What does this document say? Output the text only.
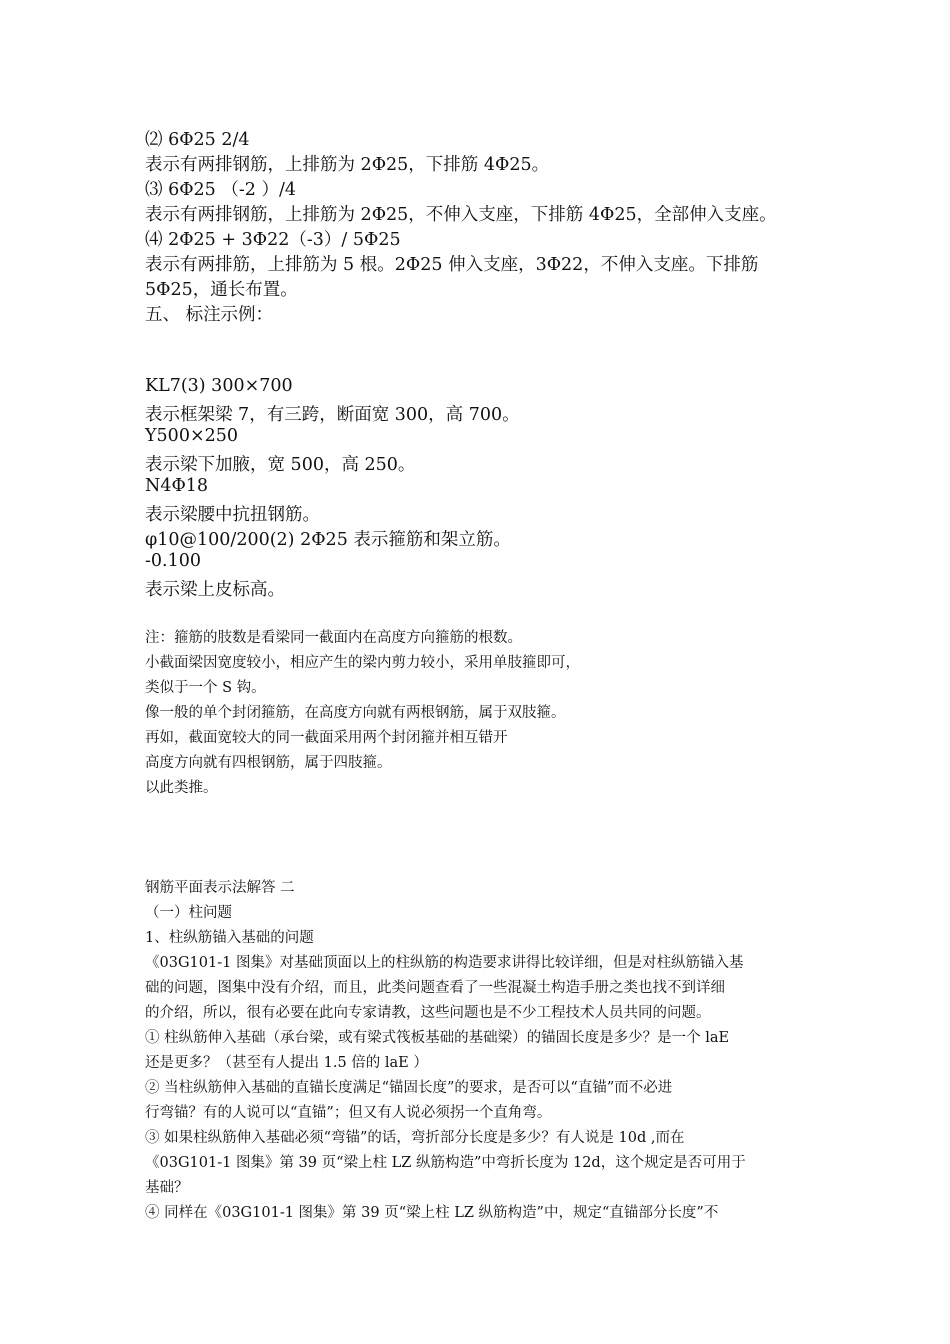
⑵ 6Φ25 2/4
表示有两排钢筋，上排筋为 2Φ25，下排筋 4Φ25。
⑶ 6Φ25 （-2 ）/4
表示有两排钢筋，上排筋为 2Φ25，不伸入支座，下排筋 4Φ25，全部伸入支座。
⑷ 2Φ25 + 3Φ22（-3）/ 5Φ25
表示有两排筋，上排筋为 5 根。2Φ25 伸入支座，3Φ22，不伸入支座。下排筋
5Φ25，通长布置。
五、 标注示例：
KL7(3) 300×700
表示框架梁 7，有三跨，断面宽 300，高 700。
Y500×250
表示梁下加腋，宽 500，高 250。
N4Φ18
表示梁腰中抗扭钢筋。
φ10@100/200(2) 2Φ25 表示箍筋和架立筋。
-0.100
表示梁上皮标高。
注：箍筋的肢数是看梁同一截面内在高度方向箍筋的根数。
小截面梁因宽度较小，相应产生的梁内剪力较小，采用单肢箍即可，
类似于一个 S 钩。
像一般的单个封闭箍筋，在高度方向就有两根钢筋，属于双肢箍。
再如，截面宽较大的同一截面采用两个封闭箍并相互错开
高度方向就有四根钢筋，属于四肢箍。
以此类推。
钢筋平面表示法解答 二
（一）柱问题
1、柱纵筋锚入基础的问题
《03G101-1 图集》对基础顶面以上的柱纵筋的构造要求讲得比较详细，但是对柱纵筋锚入基
础的问题，图集中没有介绍，而且，此类问题查看了一些混凝土构造手册之类也找不到详细
的介绍，所以，很有必要在此向专家请教，这些问题也是不少工程技术人员共同的问题。
① 柱纵筋伸入基础（承台梁，或有梁式筏板基础的基础梁）的锚固长度是多少？是一个 laE
还是更多？（甚至有人提出 1.5 倍的 laE ）
② 当柱纵筋伸入基础的直锚长度满足“锚固长度”的要求，是否可以“直锚”而不必进
行弯锚？有的人说可以“直锚”；但又有人说必须拐一个直角弯。
③ 如果柱纵筋伸入基础必须“弯锚”的话，弯折部分长度是多少？有人说是 10d ,而在
《03G101-1 图集》第 39 页“梁上柱 LZ 纵筋构造”中弯折长度为 12d，这个规定是否可用于
基础？
④ 同样在《03G101-1 图集》第 39 页“梁上柱 LZ 纵筋构造”中，规定“直锚部分长度”不
